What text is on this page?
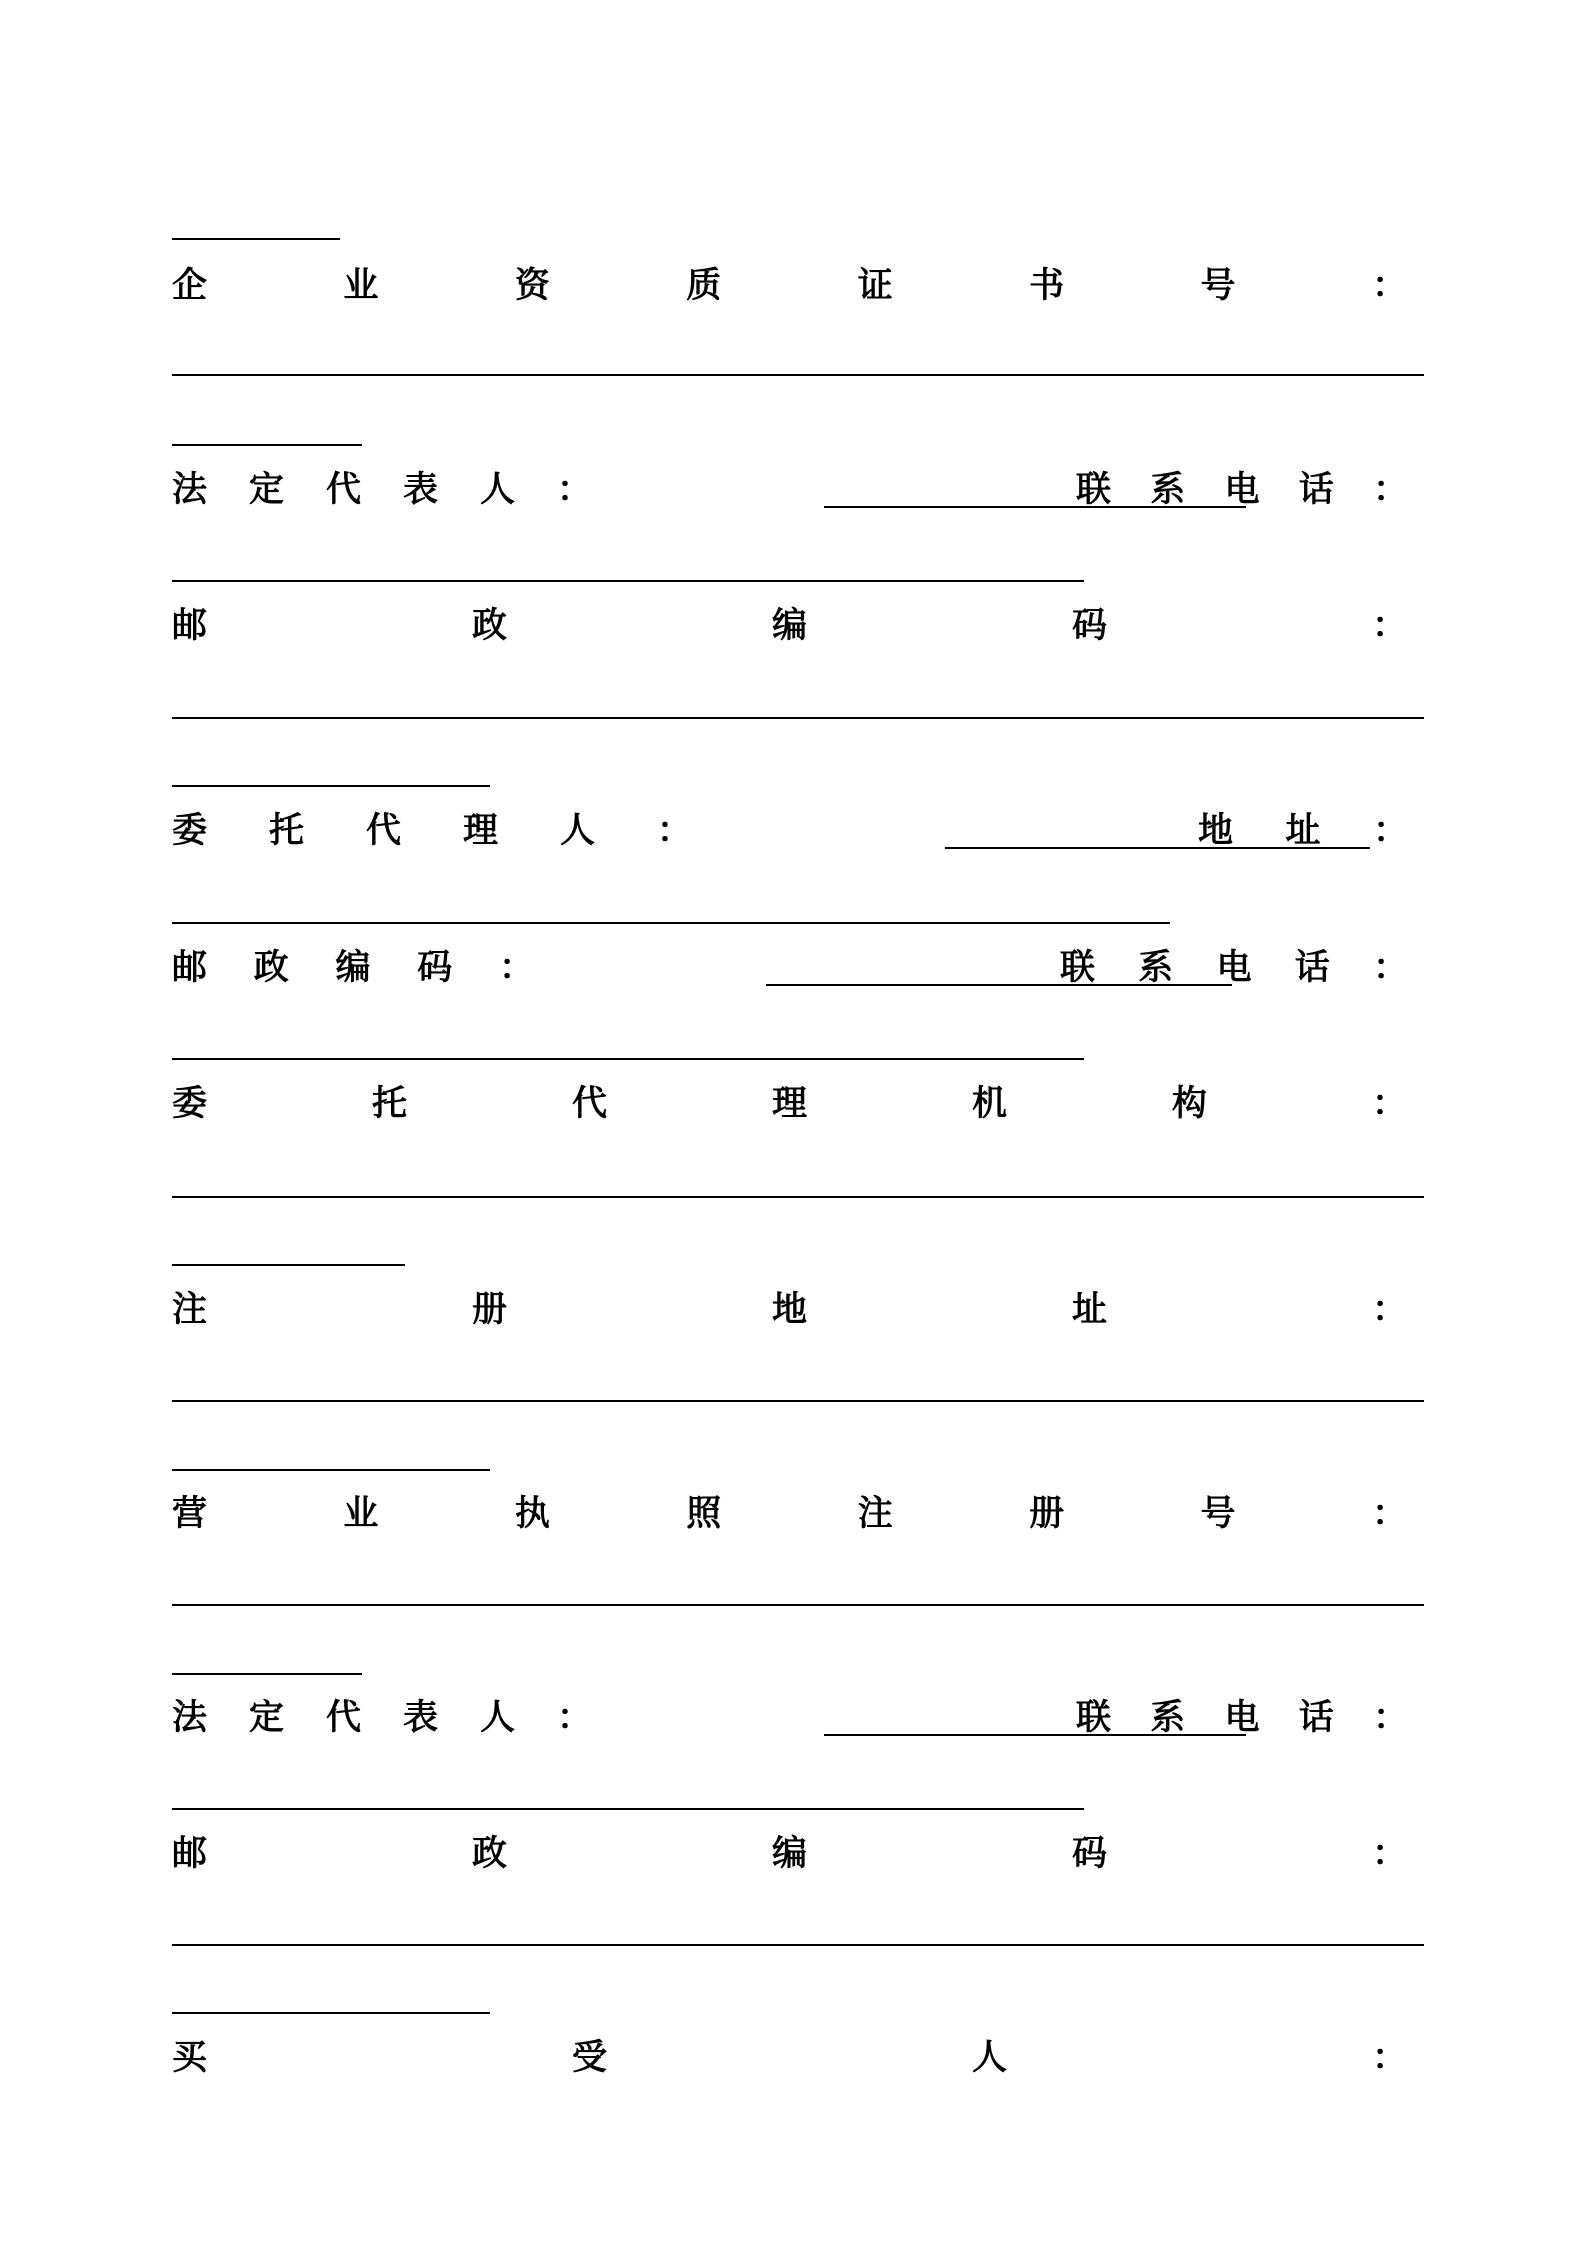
企	业	资	质	证	书	号	：
法 定 代 表 人 ：	联 系 电 话 ：
邮	政	编	码	：
委 托 代 理 人 ：	地 址 ：
邮 政 编 码 ：	联 系 电 话 ：
委	托	代	理	机	构	：
注	册	地	址	：
营	业	执	照	注	册	号	：
法 定 代 表 人 ：	联 系 电 话 ：
邮	政	编	码	：
买	受	人	：
